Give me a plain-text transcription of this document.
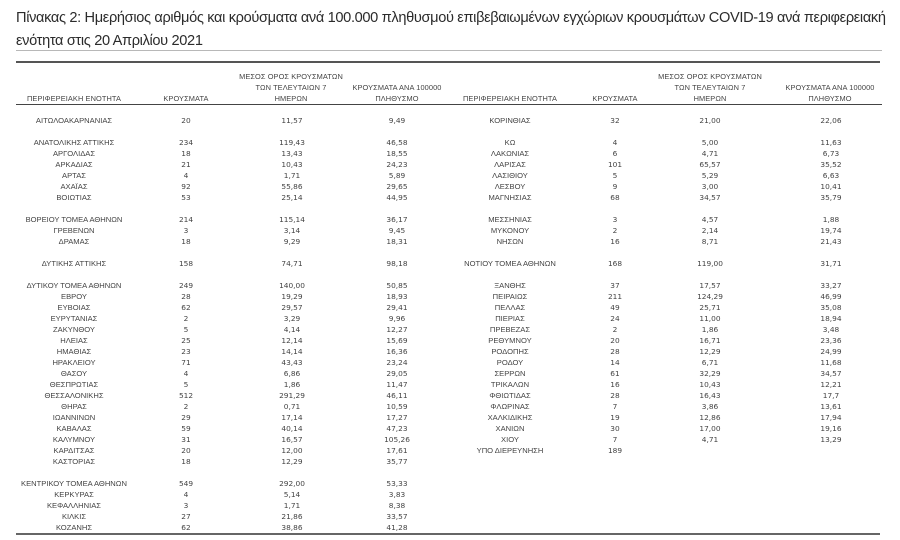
Πίνακας 2: Ημερήσιος αριθμός και κρούσματα ανά 100.000 πληθυσμού επιβεβαιωμένων εγχώριων κρουσμάτων COVID-19 ανά περιφερειακή ενότητα στις 20 Απριλίου 2021
ΠΕΡΙΦΕΡΕΙΑΚΗ ΕΝΟΤΗΤΑ	ΚΡΟΥΣΜΑΤΑ
ΜΕΣΟΣ ΟΡΟΣ ΚΡΟΥΣΜΑΤΩΝ
ΤΩΝ ΤΕΛΕΥΤΑΙΩΝ 7
ΗΜΕΡΩΝ
ΚΡΟΥΣΜΑΤΑ ΑΝΑ 100000
ΠΛΗΘΥΣΜΟ	ΠΕΡΙΦΕΡΕΙΑΚΗ ΕΝΟΤΗΤΑ	ΚΡΟΥΣΜΑΤΑ
ΜΕΣΟΣ ΟΡΟΣ ΚΡΟΥΣΜΑΤΩΝ
ΤΩΝ ΤΕΛΕΥΤΑΙΩΝ 7
ΗΜΕΡΩΝ
ΚΡΟΥΣΜΑΤΑ ΑΝΑ 100000
ΠΛΗΘΥΣΜΟ
ΑΙΤΩΛΟΑΚΑΡΝΑΝΙΑΣ	20	11,57	9,49
ΑΝΑΤΟΛΙΚΗΣ ΑΤΤΙΚΗΣ	234	119,43	46,58
ΑΡΓΟΛΙΔΑΣ	18	13,43	18,55
ΑΡΚΑΔΙΑΣ	21	10,43	24,23
ΑΡΤΑΣ	4	1,71	5,89
ΑΧΑΪΑΣ	92	55,86	29,65
ΒΟΙΩΤΙΑΣ	53	25,14	44,95
ΒΟΡΕΙΟΥ ΤΟΜΕΑ ΑΘΗΝΩΝ	214	115,14	36,17
ΓΡΕΒΕΝΩΝ	3	3,14	9,45
ΔΡΑΜΑΣ	18	9,29	18,31
ΔΥΤΙΚΗΣ ΑΤΤΙΚΗΣ	158	74,71	98,18
ΔΥΤΙΚΟΥ ΤΟΜΕΑ ΑΘΗΝΩΝ	249	140,00	50,85
ΕΒΡΟΥ	28	19,29	18,93
ΕΥΒΟΙΑΣ	62	29,57	29,41
ΕΥΡΥΤΑΝΙΑΣ	2	3,29	9,96
ΖΑΚΥΝΘΟΥ	5	4,14	12,27
ΗΛΕΙΑΣ	25	12,14	15,69
ΗΜΑΘΙΑΣ	23	14,14	16,36
ΗΡΑΚΛΕΙΟΥ	71	43,43	23,24
ΘΑΣΟΥ	4	6,86	29,05
ΘΕΣΠΡΩΤΙΑΣ	5	1,86	11,47
ΘΕΣΣΑΛΟΝΙΚΗΣ	512	291,29	46,11
ΘΗΡΑΣ	2	0,71	10,59
ΙΩΑΝΝΙΝΩΝ	29	17,14	17,27
ΚΑΒΑΛΑΣ	59	40,14	47,23
ΚΑΛΥΜΝΟΥ	31	16,57	105,26
ΚΑΡΔΙΤΣΑΣ	20	12,00	17,61
ΚΑΣΤΟΡΙΑΣ	18	12,29	35,77
ΚΕΝΤΡΙΚΟΥ ΤΟΜΕΑ ΑΘΗΝΩΝ	549	292,00	53,33
ΚΕΡΚΥΡΑΣ	4	5,14	3,83
ΚΕΦΑΛΛΗΝΙΑΣ	3	1,71	8,38
ΚΙΛΚΙΣ	27	21,86	33,57
ΚΟΖΑΝΗΣ	62	38,86	41,28
ΚΟΡΙΝΘΙΑΣ	32	21,00	22,06
ΚΩ	4	5,00	11,63
ΛΑΚΩΝΙΑΣ	6	4,71	6,73
ΛΑΡΙΣΑΣ	101	65,57	35,52
ΛΑΣΙΘΙΟΥ	5	5,29	6,63
ΛΕΣΒΟΥ	9	3,00	10,41
ΜΑΓΝΗΣΙΑΣ	68	34,57	35,79
ΜΕΣΣΗΝΙΑΣ	3	4,57	1,88
ΜΥΚΟΝΟΥ	2	2,14	19,74
ΝΗΣΩΝ	16	8,71	21,43
ΝΟΤΙΟΥ ΤΟΜΕΑ ΑΘΗΝΩΝ	168	119,00	31,71
ΞΑΝΘΗΣ	37	17,57	33,27
ΠΕΙΡΑΙΩΣ	211	124,29	46,99
ΠΕΛΛΑΣ	49	25,71	35,08
ΠΙΕΡΙΑΣ	24	11,00	18,94
ΠΡΕΒΕΖΑΣ	2	1,86	3,48
ΡΕΘΥΜΝΟΥ	20	16,71	23,36
ΡΟΔΟΠΗΣ	28	12,29	24,99
ΡΟΔΟΥ	14	6,71	11,68
ΣΕΡΡΩΝ	61	32,29	34,57
ΤΡΙΚΑΛΩΝ	16	10,43	12,21
ΦΘΙΩΤΙΔΑΣ	28	16,43	17,7
ΦΛΩΡΙΝΑΣ	7	3,86	13,61
ΧΑΛΚΙΔΙΚΗΣ	19	12,86	17,94
ΧΑΝΙΩΝ	30	17,00	19,16
ΧΙΟΥ	7	4,71	13,29
ΥΠΟ ΔΙΕΡΕΥΝΗΣΗ	189
